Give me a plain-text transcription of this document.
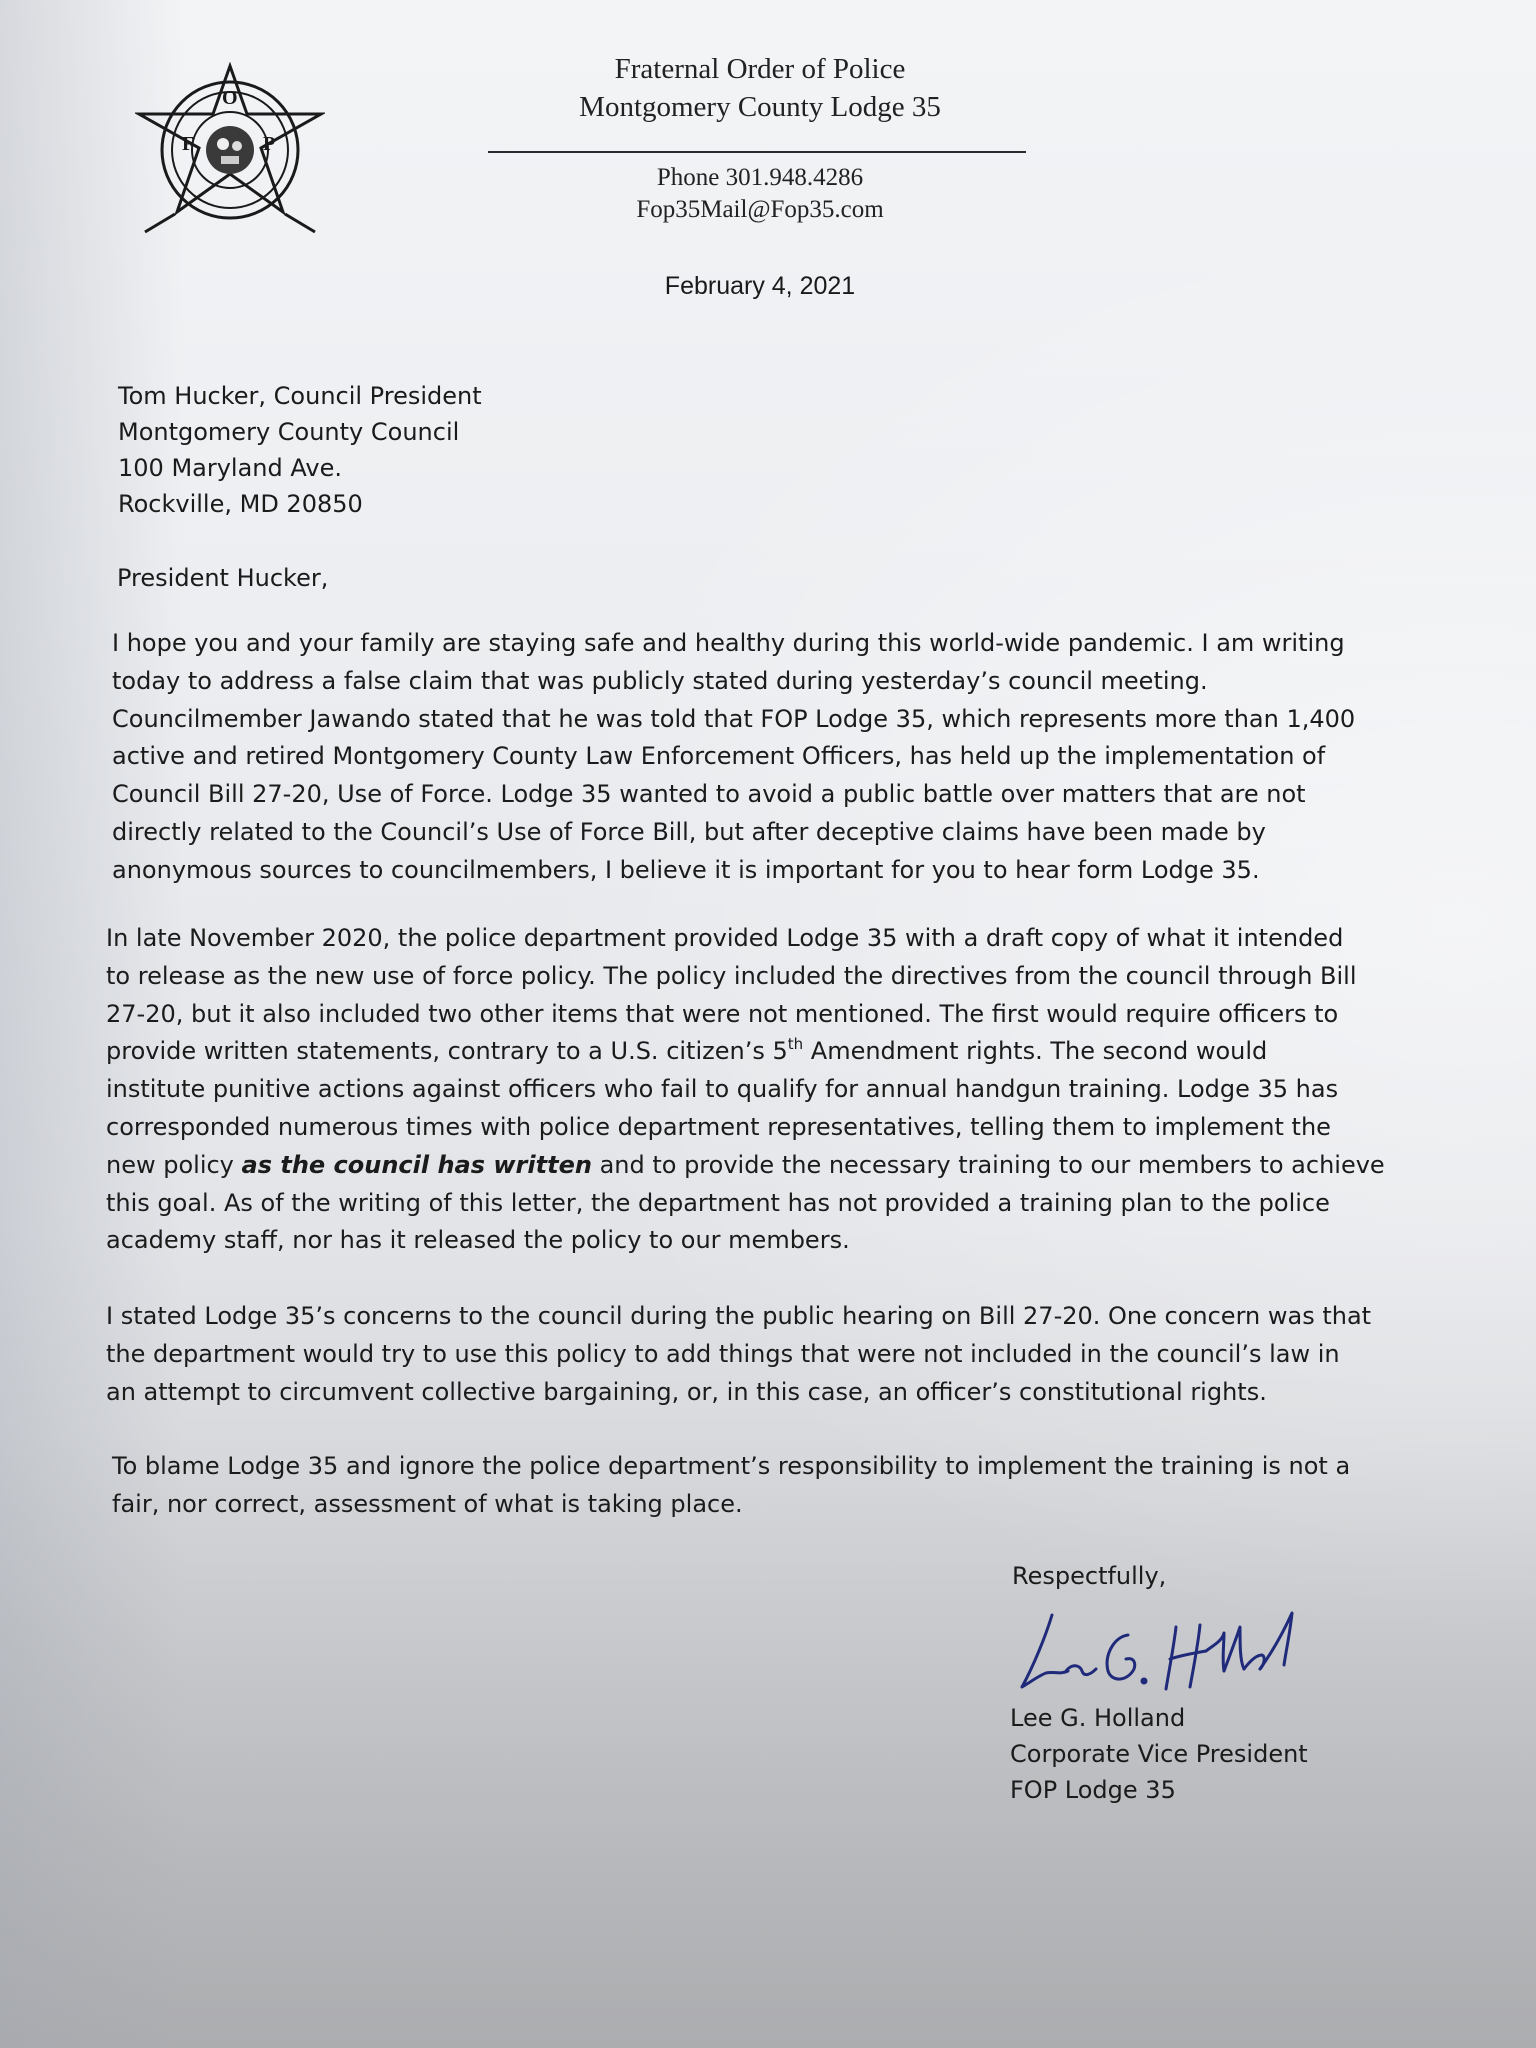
F
O
P
Fraternal Order of Police
Montgomery County Lodge 35
Phone 301.948.4286
Fop35Mail@Fop35.com
February 4, 2021
Tom Hucker, Council President
Montgomery County Council
100 Maryland Ave.
Rockville, MD 20850
President Hucker,
I hope you and your family are staying safe and healthy during this world-wide pandemic. I am writing
today to address a false claim that was publicly stated during yesterday’s council meeting.
Councilmember Jawando stated that he was told that FOP Lodge 35, which represents more than 1,400
active and retired Montgomery County Law Enforcement Officers, has held up the implementation of
Council Bill 27-20, Use of Force. Lodge 35 wanted to avoid a public battle over matters that are not
directly related to the Council’s Use of Force Bill, but after deceptive claims have been made by
anonymous sources to councilmembers, I believe it is important for you to hear form Lodge 35.
In late November 2020, the police department provided Lodge 35 with a draft copy of what it intended
to release as the new use of force policy. The policy included the directives from the council through Bill
27-20, but it also included two other items that were not mentioned. The first would require officers to
provide written statements, contrary to a U.S. citizen’s 5th Amendment rights. The second would
institute punitive actions against officers who fail to qualify for annual handgun training. Lodge 35 has
corresponded numerous times with police department representatives, telling them to implement the
new policy as the council has written and to provide the necessary training to our members to achieve
this goal. As of the writing of this letter, the department has not provided a training plan to the police
academy staff, nor has it released the policy to our members.
I stated Lodge 35’s concerns to the council during the public hearing on Bill 27-20. One concern was that
the department would try to use this policy to add things that were not included in the council’s law in
an attempt to circumvent collective bargaining, or, in this case, an officer’s constitutional rights.
To blame Lodge 35 and ignore the police department’s responsibility to implement the training is not a
fair, nor correct, assessment of what is taking place.
Respectfully,
Lee G. Holland
Corporate Vice President
FOP Lodge 35
